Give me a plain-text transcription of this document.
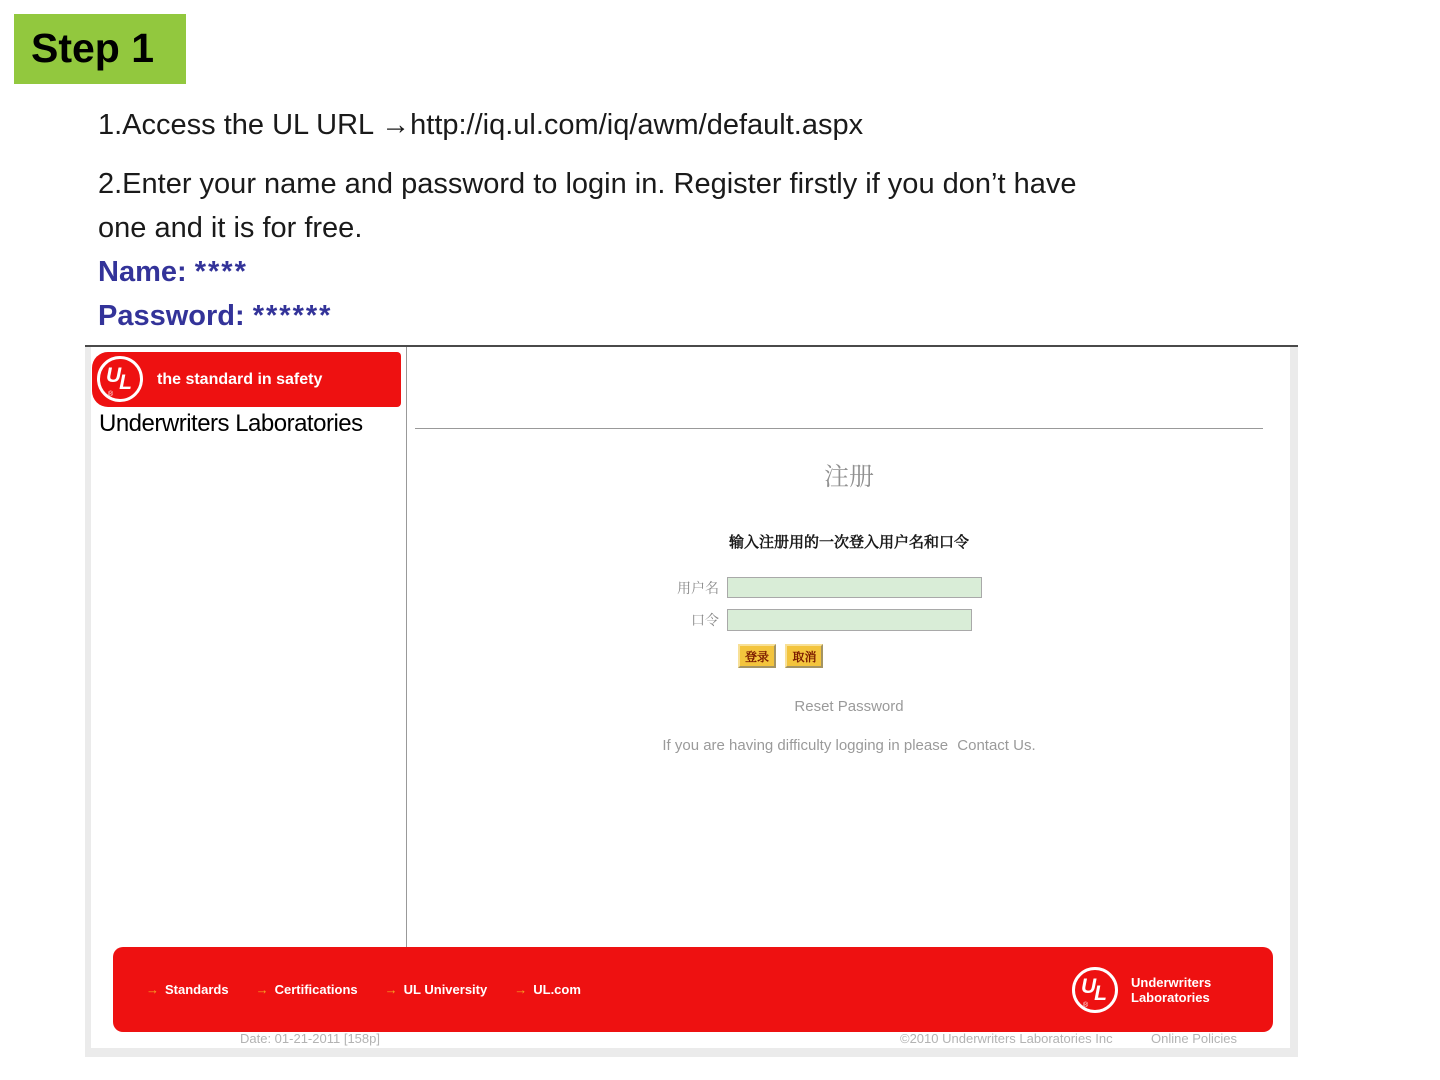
Step 1
1.Access the UL URL →http://iq.ul.com/iq/awm/default.aspx
2.Enter your name and password to login in. Register firstly if you don’t have
one and it is for free.
Name: ****
Password: ******
UL
®
the standard in safety
Underwriters Laboratories
注册
输入注册用的一次登入用户名和口令
用户名
口令
登录 取消
Reset Password
If you are having difficulty logging in please Contact Us.
→ Standards → Certifications → UL University → UL.com	UL
®
Underwriters
Laboratories
Date: 01-21-2011 [158p]	©2010 Underwriters Laboratories Inc	Online Policies
